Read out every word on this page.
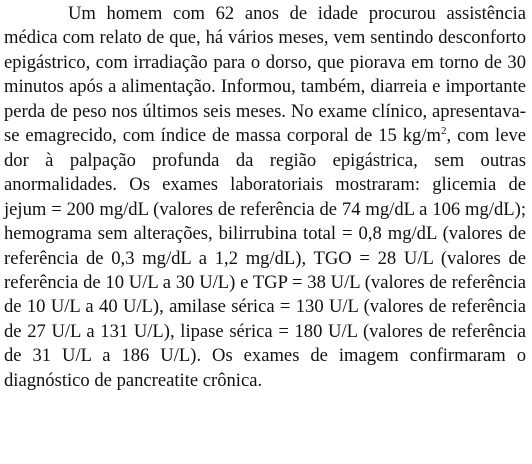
Um homem com 62 anos de idade procurou assistência médica com relato de que, há vários meses, vem sentindo desconforto epigástrico, com irradiação para o dorso, que piorava em torno de 30 minutos após a alimentação. Informou, também, diarreia e importante perda de peso nos últimos seis meses. No exame clínico, apresentava-se emagrecido, com índice de massa corporal de 15 $kg/m^2$, com leve dor à palpação profunda da região epigástrica, sem outras anormalidades. Os exames laboratoriais mostraram: glicemia de jejum = 200 mg/dL (valores de referência de 74 mg/dL a 106 mg/dL); hemograma sem alterações, bilirrubina total = 0,8 mg/dL (valores de referência de 0,3 mg/dL a 1,2 mg/dL), TGO = 28 U/L (valores de referência de 10 U/L a 30 U/L) e TGP = 38 U/L (valores de referência de 10 U/L a 40 U/L), amilase sérica = 130 U/L (valores de referência de 27 U/L a 131 U/L), lipase sérica = 180 U/L (valores de referência de 31 U/L a 186 U/L). Os exames de imagem confirmaram o diagnóstico de pancreatite crônica.
